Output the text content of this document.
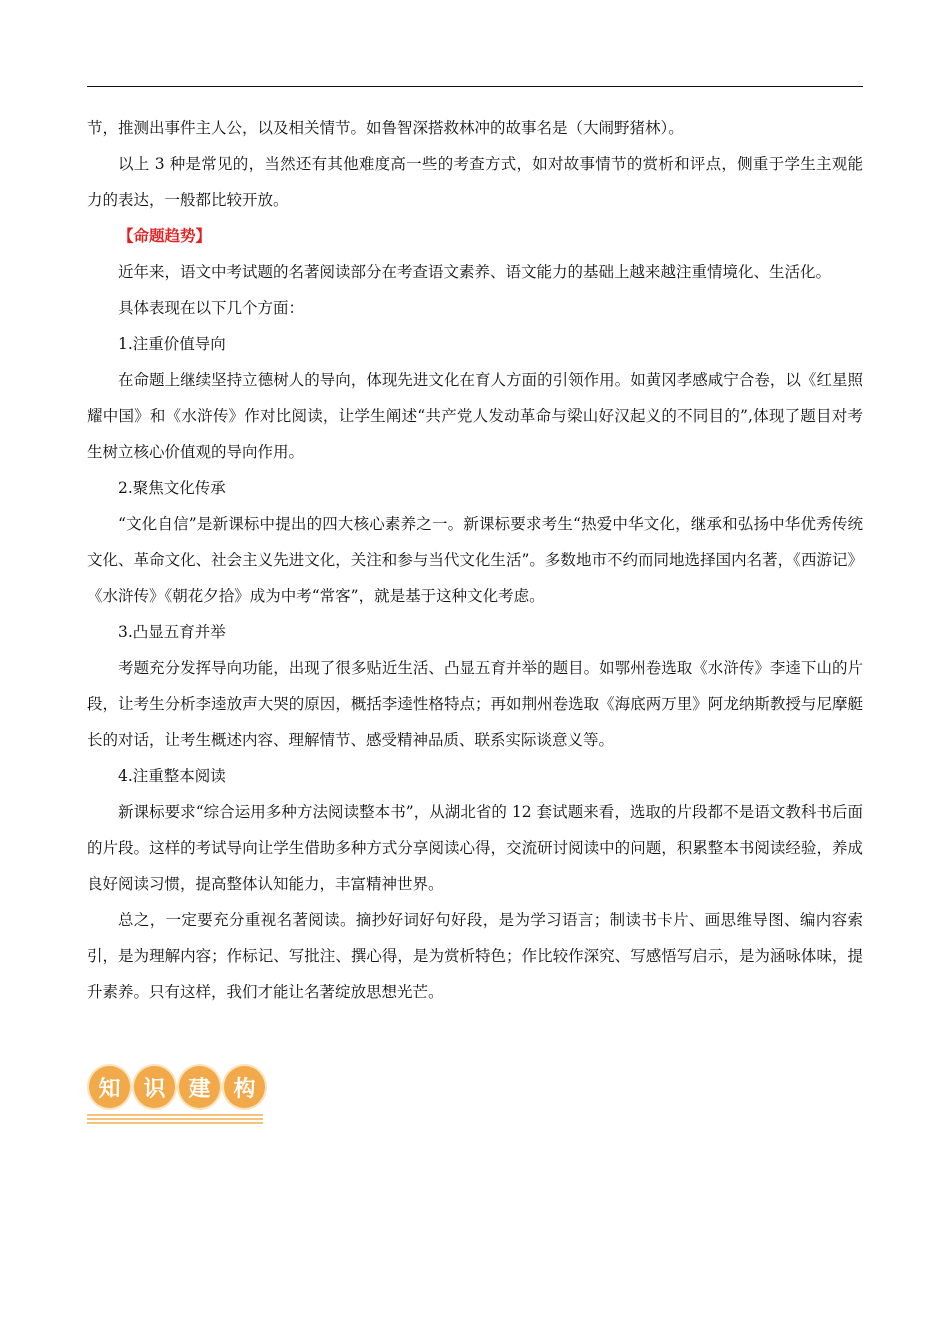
节，推测出事件主人公，以及相关情节。如鲁智深搭救林冲的故事名是（大闹野猪林）。

以上 3 种是常见的，当然还有其他难度高一些的考查方式，如对故事情节的赏析和评点，侧重于学生主观能力的表达，一般都比较开放。

【命题趋势】

近年来，语文中考试题的名著阅读部分在考查语文素养、语文能力的基础上越来越注重情境化、生活化。

具体表现在以下几个方面：

1.注重价值导向

在命题上继续坚持立德树人的导向，体现先进文化在育人方面的引领作用。如黄冈孝感咸宁合卷，以《红星照耀中国》和《水浒传》作对比阅读，让学生阐述“共产党人发动革命与梁山好汉起义的不同目的”,体现了题目对考生树立核心价值观的导向作用。

2.聚焦文化传承

“文化自信”是新课标中提出的四大核心素养之一。新课标要求考生“热爱中华文化，继承和弘扬中华优秀传统文化、革命文化、社会主义先进文化，关注和参与当代文化生活”。多数地市不约而同地选择国内名著，《西游记》《水浒传》《朝花夕拾》成为中考“常客”，就是基于这种文化考虑。

3.凸显五育并举

考题充分发挥导向功能，出现了很多贴近生活、凸显五育并举的题目。如鄂州卷选取《水浒传》李逵下山的片段，让考生分析李逵放声大哭的原因，概括李逵性格特点；再如荆州卷选取《海底两万里》阿龙纳斯教授与尼摩艇长的对话，让考生概述内容、理解情节、感受精神品质、联系实际谈意义等。

4.注重整本阅读

新课标要求“综合运用多种方法阅读整本书”，从湖北省的 12 套试题来看，选取的片段都不是语文教科书后面的片段。这样的考试导向让学生借助多种方式分享阅读心得，交流研讨阅读中的问题，积累整本书阅读经验，养成良好阅读习惯，提高整体认知能力，丰富精神世界。

总之，一定要充分重视名著阅读。摘抄好词好句好段，是为学习语言；制读书卡片、画思维导图、编内容索引，是为理解内容；作标记、写批注、撰心得，是为赏析特色；作比较作深究、写感悟写启示，是为涵咏体味，提升素养。只有这样，我们才能让名著绽放思想光芒。

知	识	建	构
